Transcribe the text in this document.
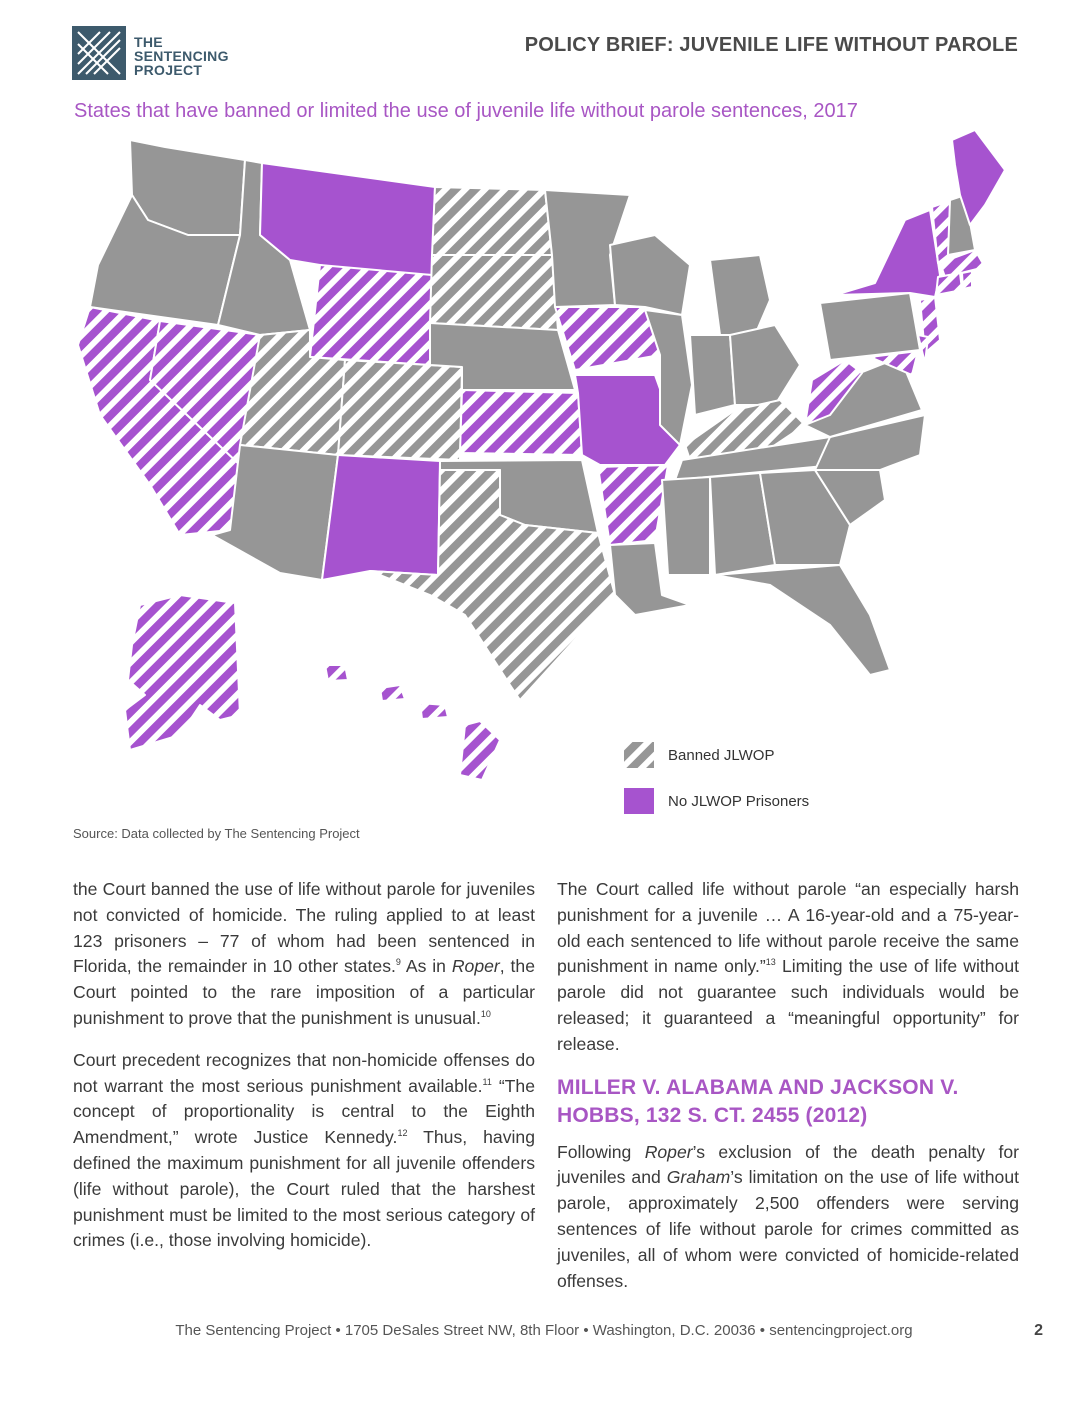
THE
SENTENCING
PROJECT
POLICY BRIEF: JUVENILE LIFE WITHOUT PAROLE
States that have banned or limited the use of juvenile life without parole sentences, 2017
Banned JLWOP
No JLWOP Prisoners
Source: Data collected by The Sentencing Project

the Court banned the use of life without parole for juveniles not convicted of homicide. The ruling applied to at least 123 prisoners – 77 of whom had been sentenced in Florida, the remainder in 10 other states.$^9$ As in Roper, the Court pointed to the rare imposition of a particular punishment to prove that the punishment is unusual.$^{10}$

Court precedent recognizes that non-homicide offenses do not warrant the most serious punishment available.$^{11}$ “The concept of proportionality is central to the Eighth Amendment,” wrote Justice Kennedy.$^{12}$ Thus, having defined the maximum punishment for all juvenile offenders (life without parole), the Court ruled that the harshest punishment must be limited to the most serious category of crimes (i.e., those involving homicide).

The Court called life without parole “an especially harsh punishment for a juvenile … A 16-year-old and a 75-year-old each sentenced to life without parole receive the same punishment in name only.”$^{13}$ Limiting the use of life without parole did not guarantee such individuals would be released; it guaranteed a “meaningful opportunity” for release.

MILLER V. ALABAMA AND JACKSON V. HOBBS, 132 S. CT. 2455 (2012)

Following Roper’s exclusion of the death penalty for juveniles and Graham’s limitation on the use of life without parole, approximately 2,500 offenders were serving sentences of life without parole for crimes committed as juveniles, all of whom were convicted of homicide-related offenses.

The Sentencing Project • 1705 DeSales Street NW, 8th Floor • Washington, D.C. 20036 • sentencingproject.org	2
